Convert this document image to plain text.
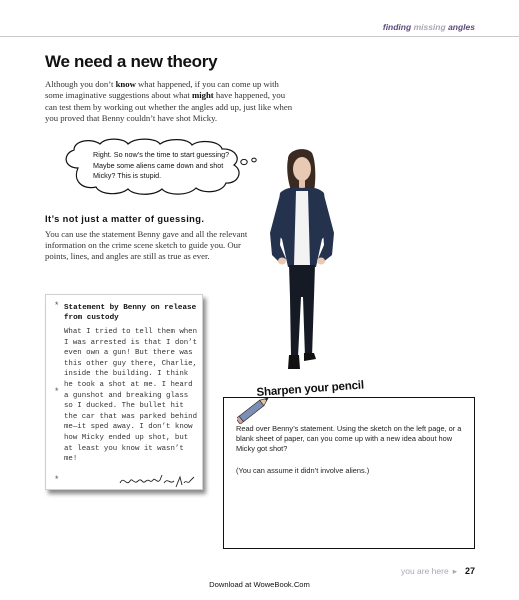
finding missing angles
We need a new theory
Although you don’t know what happened, if you can come up with some imaginative suggestions about what might have happened, you can test them by working out whether the angles add up, just like when you proved that Benny couldn’t have shot Micky.
Right. So now’s the time to start guessing? Maybe some aliens came down and shot Micky? This is stupid.
It’s not just a matter of guessing.
You can use the statement Benny gave and all the relevant information on the crime scene sketch to guide you. Our points, lines, and angles are still as true as ever.
*
*
*
Statement by Benny on release from custody
What I tried to tell them when I was arrested is that I don’t even own a gun! But there was this other guy there, Charlie, inside the building. I think he took a shot at me. I heard a gunshot and breaking glass so I ducked. The bullet hit the car that was parked behind me—it sped away. I don’t know how Micky ended up shot, but at least you know it wasn’t me!
Sharpen your pencil
Read over Benny’s statement. Using the sketch on the left page, or a blank sheet of paper, can you come up with a new idea about how Micky got shot?
(You can assume it didn’t involve aliens.)
you are here ▸ 27
Download at WoweBook.Com
